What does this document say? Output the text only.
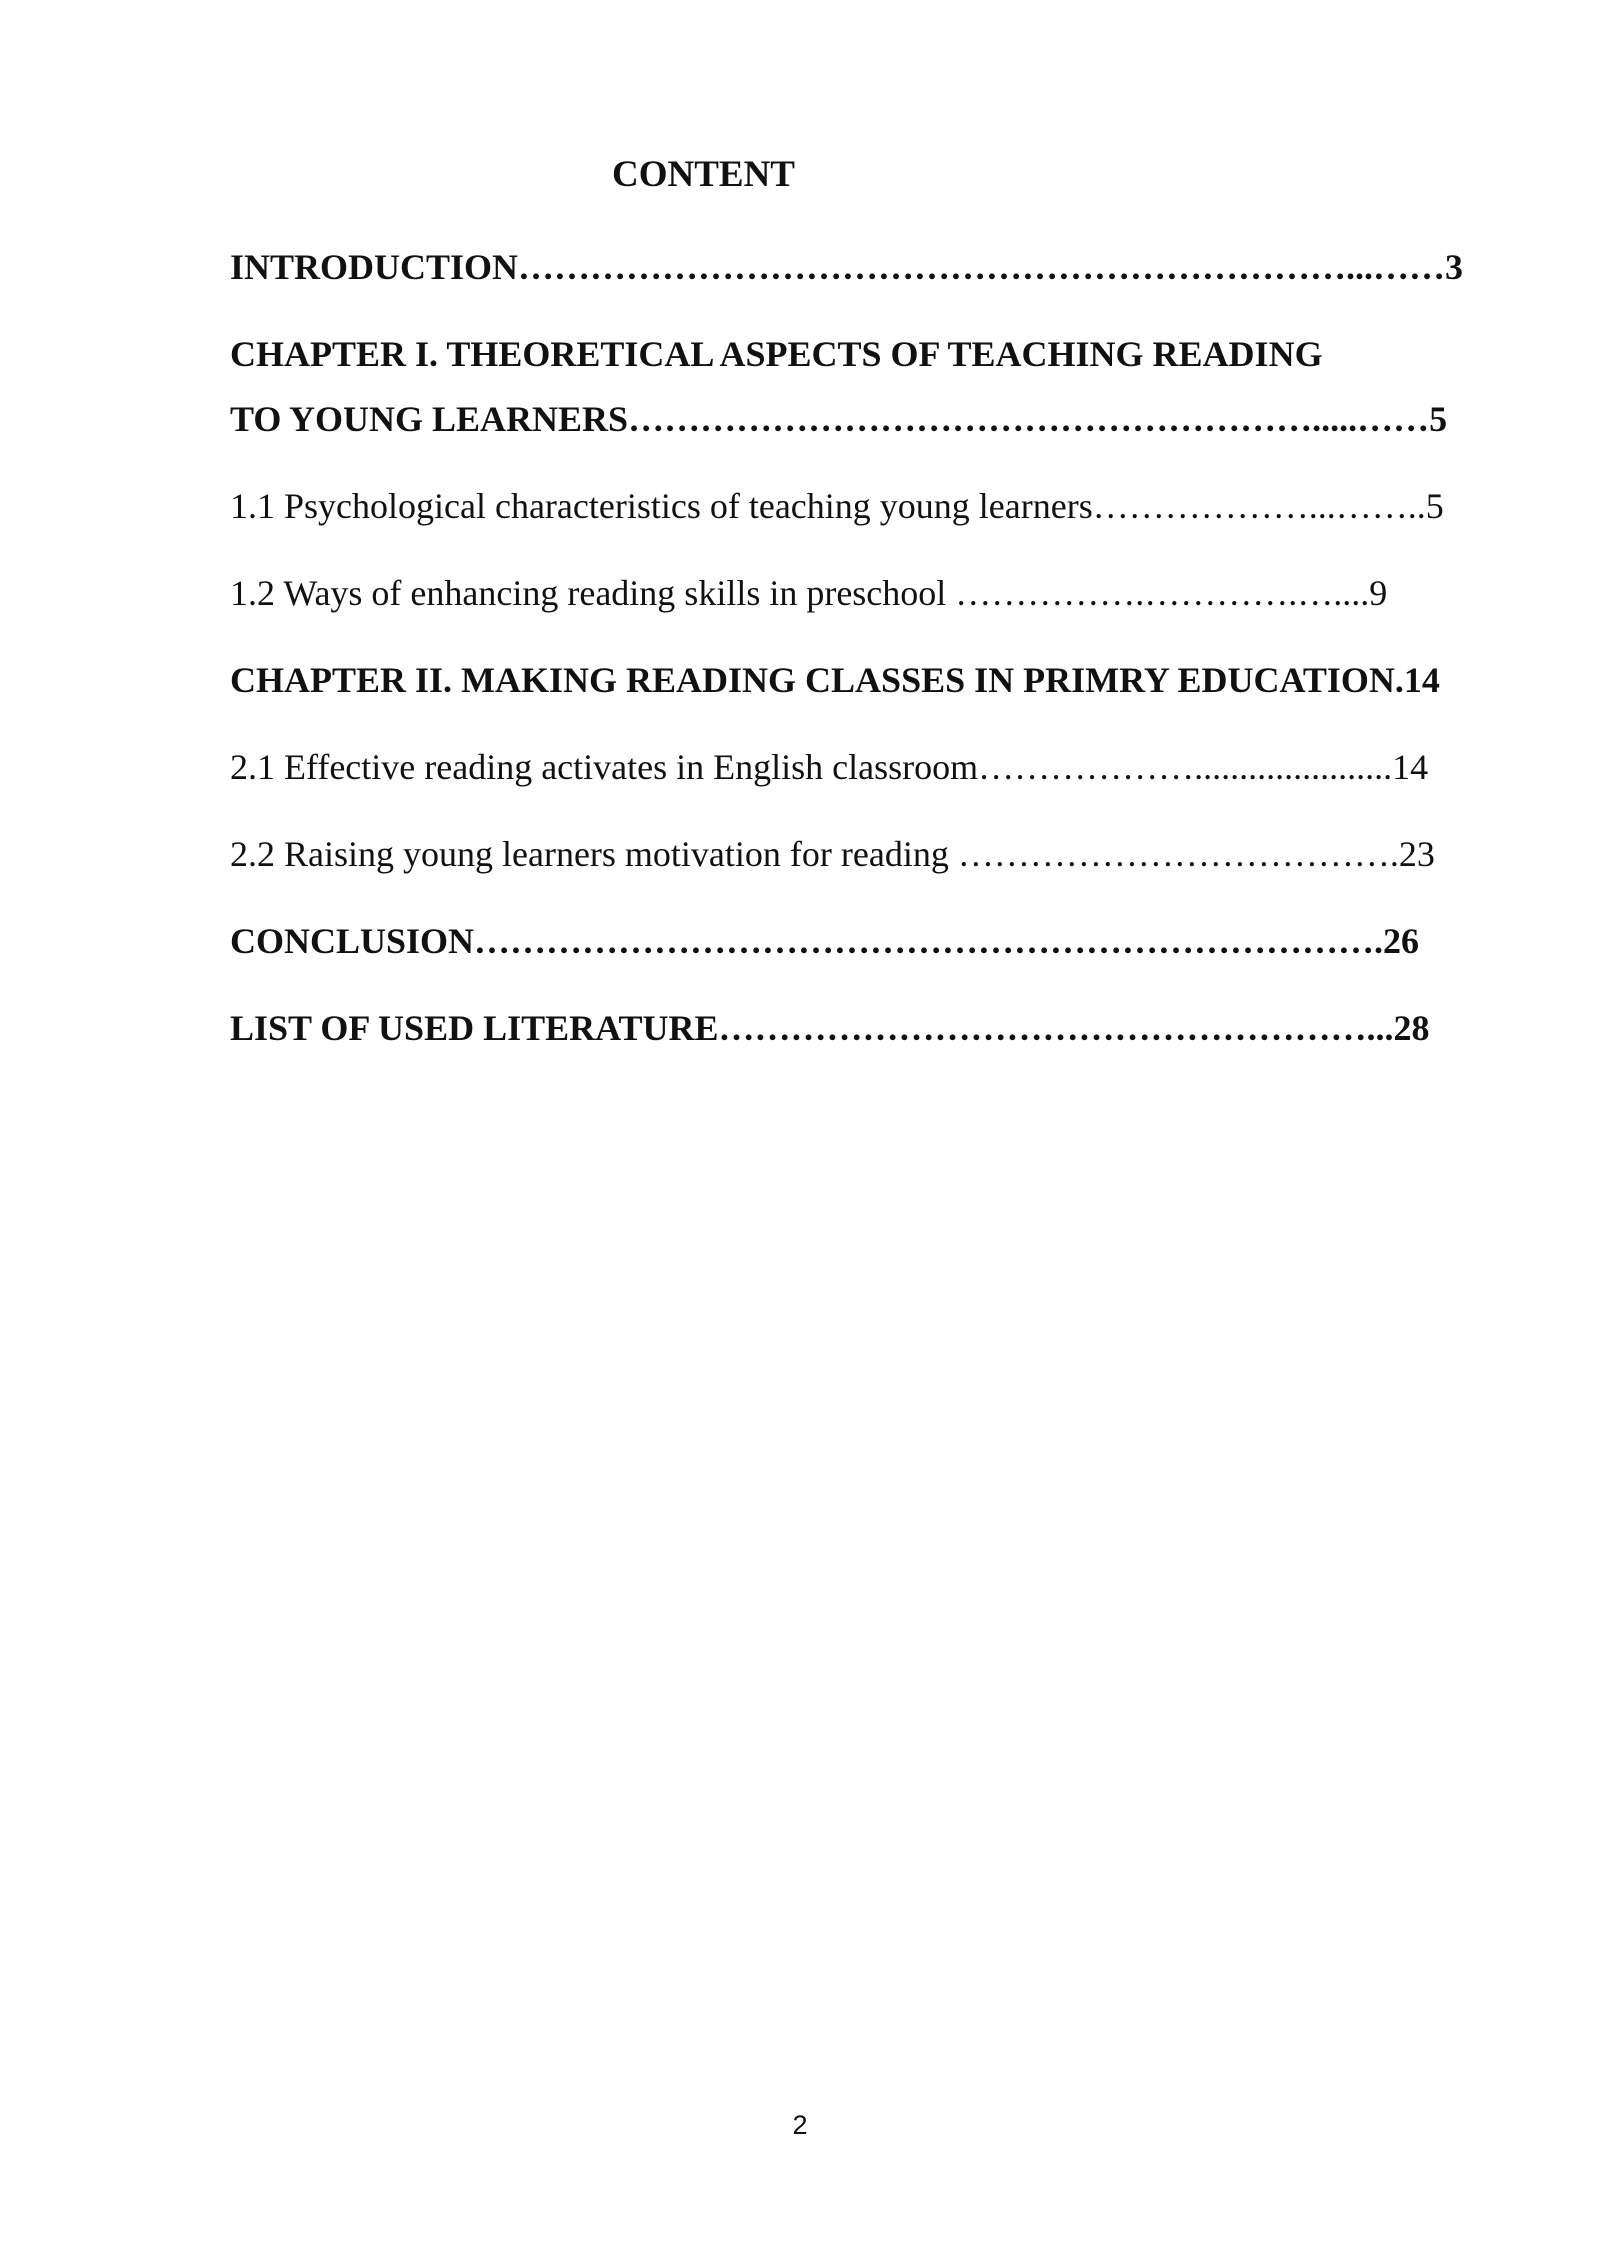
CONTENT

INTRODUCTION……………………………………………………………...……3

CHAPTER I. THEORETICAL ASPECTS OF TEACHING READING
TO YOUNG LEARNERS………………………………………………….....……5

1.1 Psychological characteristics of teaching young learners………………...……..5

1.2 Ways of enhancing reading skills in preschool …………….………….…....9

CHAPTER II. MAKING READING CLASSES IN PRIMRY EDUCATION.14

2.1 Effective reading activates in English classroom………………......................14

2.2 Raising young learners motivation for reading ……………………………….23

CONCLUSION………………………………………………………………….26

LIST OF USED LITERATURE………………………………………………...28

2
